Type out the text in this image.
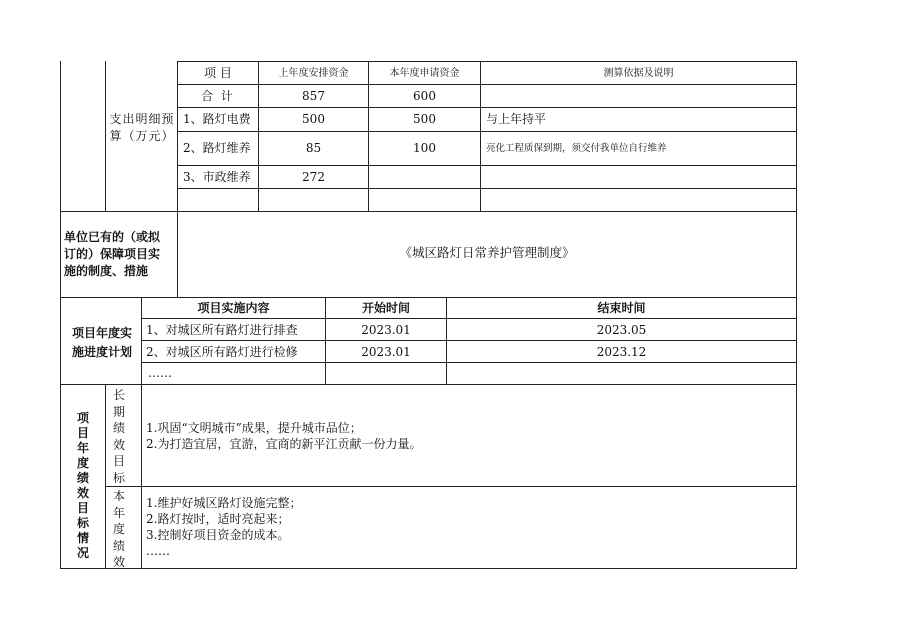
支出明细预算（万元）
项 目	上年度安排资金	本年度申请资金	测算依据及说明
合 计	857	600
1、路灯电费	500	500	与上年持平
2、路灯维养	85	100	亮化工程质保到期，须交付我单位自行维养
3、市政维养	272
单位已有的（或拟
订的）保障项目实
施的制度、措施
《城区路灯日常养护管理制度》
项目年度实
施进度计划
项目实施内容	开始时间	结束时间
1、对城区所有路灯进行排查	2023.01	2023.05
2、对城区所有路灯进行检修	2023.01	2023.12
……
项目年度绩效目标情况
长期绩效目标
1.巩固“文明城市”成果，提升城市品位；
2.为打造宜居，宜游，宜商的新平江贡献一份力量。
本年度绩效
1.维护好城区路灯设施完整；
2.路灯按时，适时亮起来；
3.控制好项目资金的成本。
……
